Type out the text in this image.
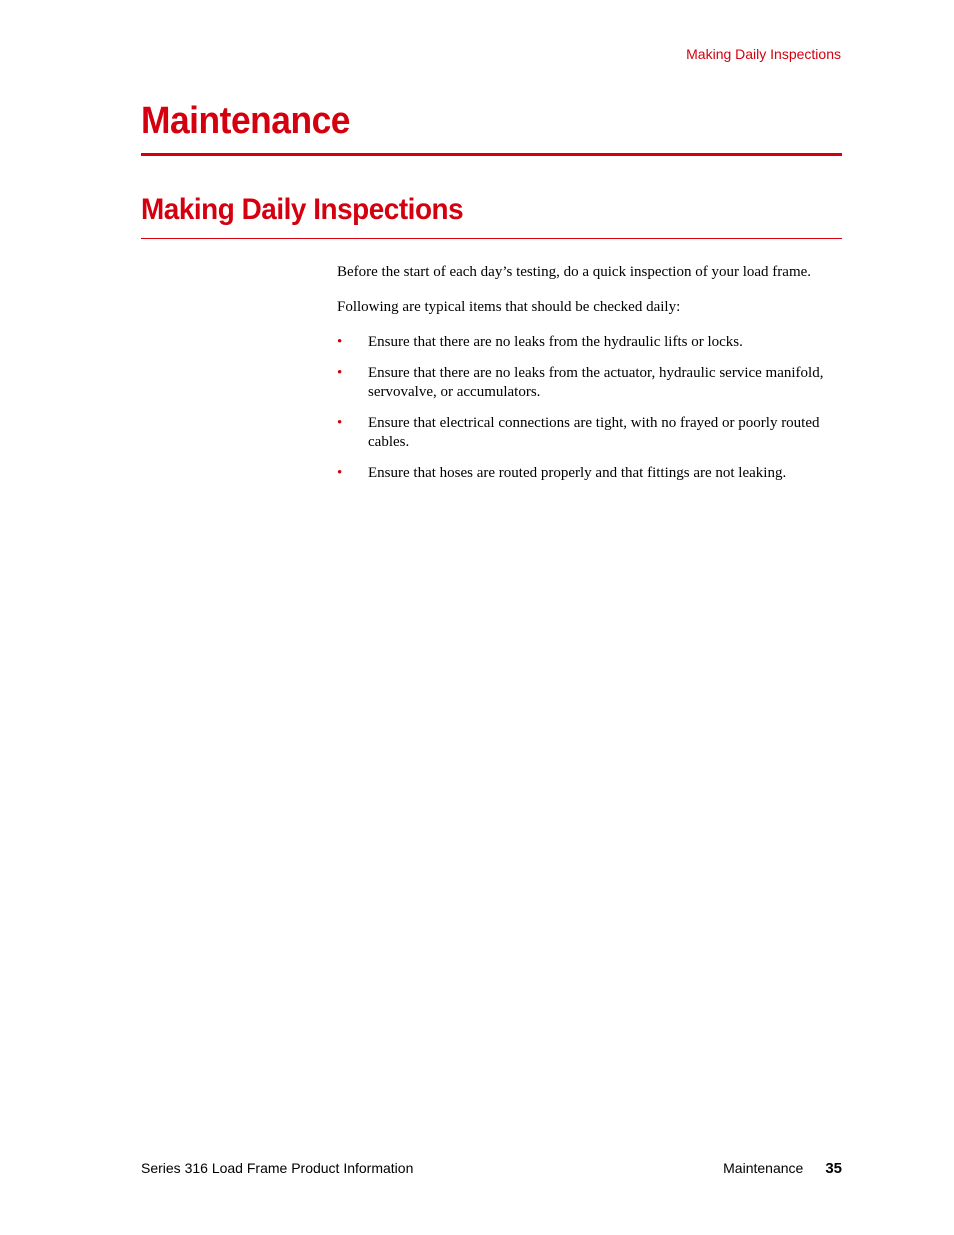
Making Daily Inspections
Maintenance
Making Daily Inspections

Before the start of each day’s testing, do a quick inspection of your load frame.

Following are typical items that should be checked daily:

• Ensure that there are no leaks from the hydraulic lifts or locks.
• Ensure that there are no leaks from the actuator, hydraulic service manifold, servovalve, or accumulators.
• Ensure that electrical connections are tight, with no frayed or poorly routed cables.
• Ensure that hoses are routed properly and that fittings are not leaking.
Series 316 Load Frame Product Information	Maintenance 35
